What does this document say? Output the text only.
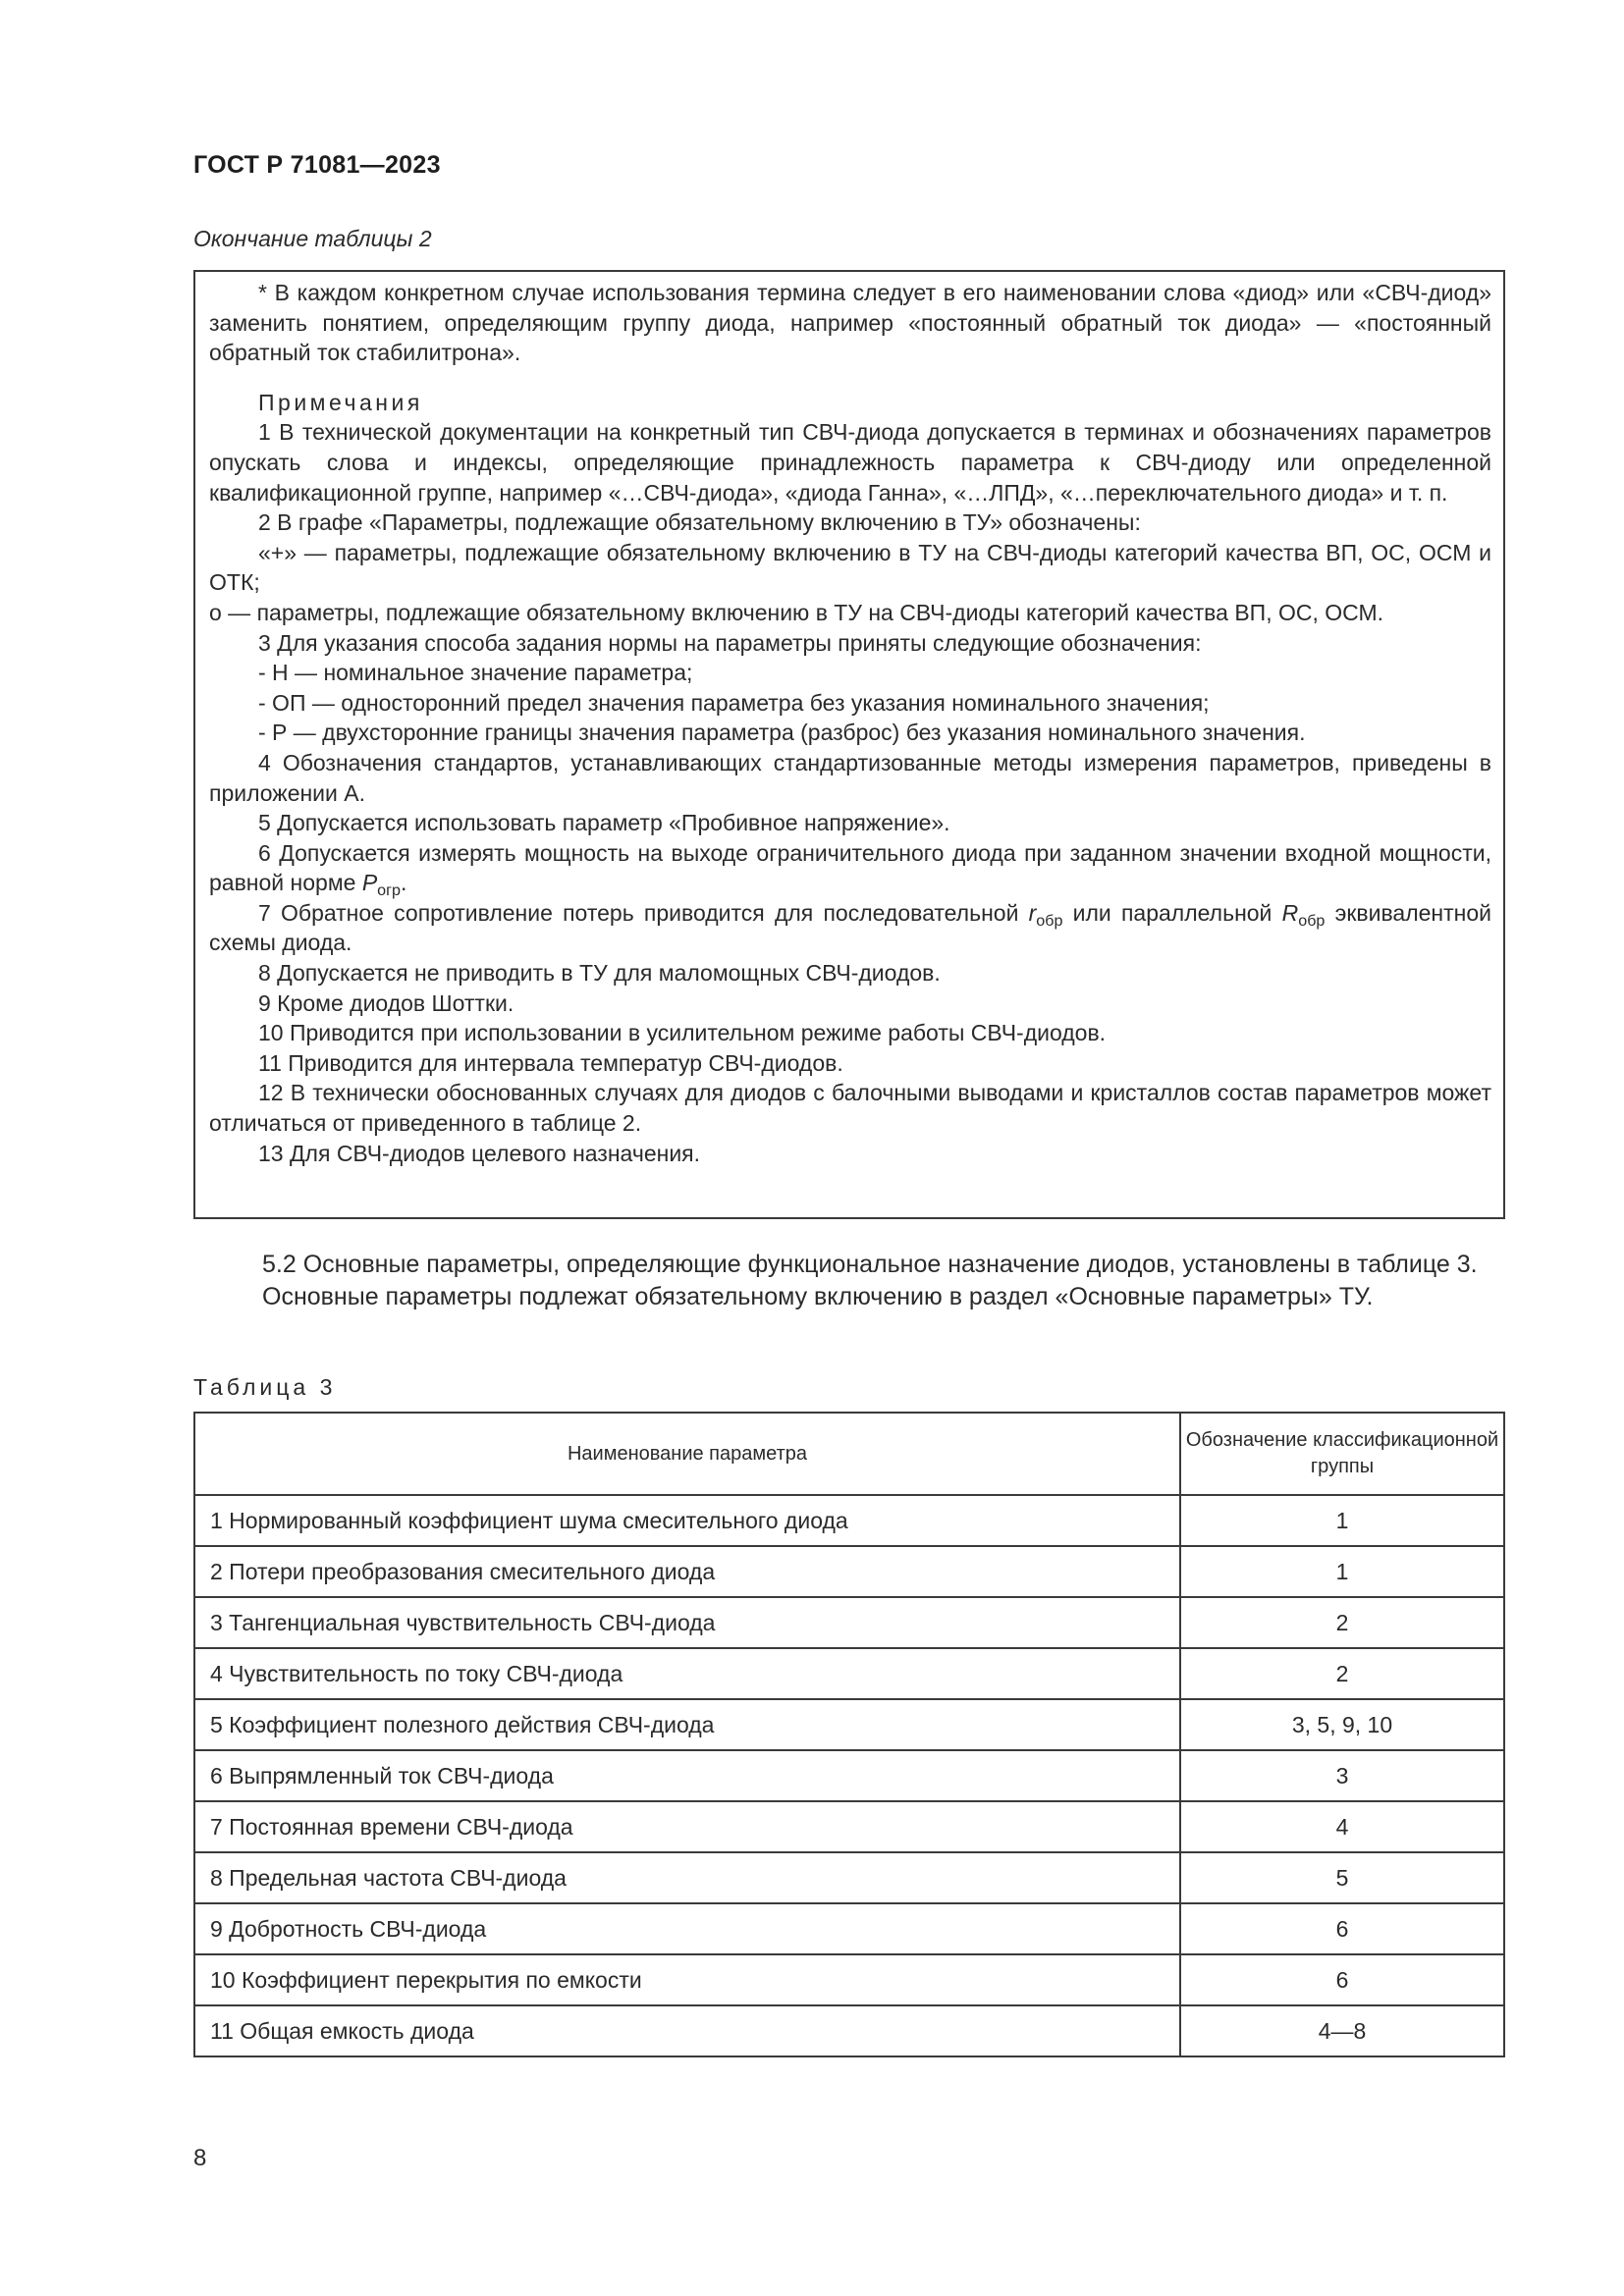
ГОСТ Р 71081—2023
Окончание таблицы 2

* В каждом конкретном случае использования термина следует в его наименовании слова «диод» или «СВЧ-диод» заменить понятием, определяющим группу диода, например «постоянный обратный ток диода» — «постоянный обратный ток стабилитрона».

Примечания

1 В технической документации на конкретный тип СВЧ-диода допускается в терминах и обозначениях параметров опускать слова и индексы, определяющие принадлежность параметра к СВЧ-диоду или определенной квалификационной группе, например «…СВЧ-диода», «диода Ганна», «…ЛПД», «…переключательного диода» и т. п.

2 В графе «Параметры, подлежащие обязательному включению в ТУ» обозначены:

«+» — параметры, подлежащие обязательному включению в ТУ на СВЧ-диоды категорий качества ВП, ОС, ОСМ и ОТК;

о — параметры, подлежащие обязательному включению в ТУ на СВЧ-диоды категорий качества ВП, ОС, ОСМ.

3 Для указания способа задания нормы на параметры приняты следующие обозначения:

- Н — номинальное значение параметра;

- ОП — односторонний предел значения параметра без указания номинального значения;

- Р — двухсторонние границы значения параметра (разброс) без указания номинального значения.

4 Обозначения стандартов, устанавливающих стандартизованные методы измерения параметров, приведены в приложении А.

5 Допускается использовать параметр «Пробивное напряжение».

6 Допускается измерять мощность на выходе ограничительного диода при заданном значении входной мощности, равной норме $P_{огр}$.

7 Обратное сопротивление потерь приводится для последовательной $r_{обр}$ или параллельной $R_{обр}$ эквивалентной схемы диода.

8 Допускается не приводить в ТУ для маломощных СВЧ-диодов.

9 Кроме диодов Шоттки.

10 Приводится при использовании в усилительном режиме работы СВЧ-диодов.

11 Приводится для интервала температур СВЧ-диодов.

12 В технически обоснованных случаях для диодов с балочными выводами и кристаллов состав параметров может отличаться от приведенного в таблице 2.

13 Для СВЧ-диодов целевого назначения.

5.2 Основные параметры, определяющие функциональное назначение диодов, установлены в таблице 3.

Основные параметры подлежат обязательному включению в раздел «Основные параметры» ТУ.

Таблица 3
Наименование параметра	Обозначение классификационной группы
1 Нормированный коэффициент шума смесительного диода	1
2 Потери преобразования смесительного диода	1
3 Тангенциальная чувствительность СВЧ-диода	2
4 Чувствительность по току СВЧ-диода	2
5 Коэффициент полезного действия СВЧ-диода	3, 5, 9, 10
6 Выпрямленный ток СВЧ-диода	3
7 Постоянная времени СВЧ-диода	4
8 Предельная частота СВЧ-диода	5
9 Добротность СВЧ-диода	6
10 Коэффициент перекрытия по емкости	6
11 Общая емкость диода	4—8
8
